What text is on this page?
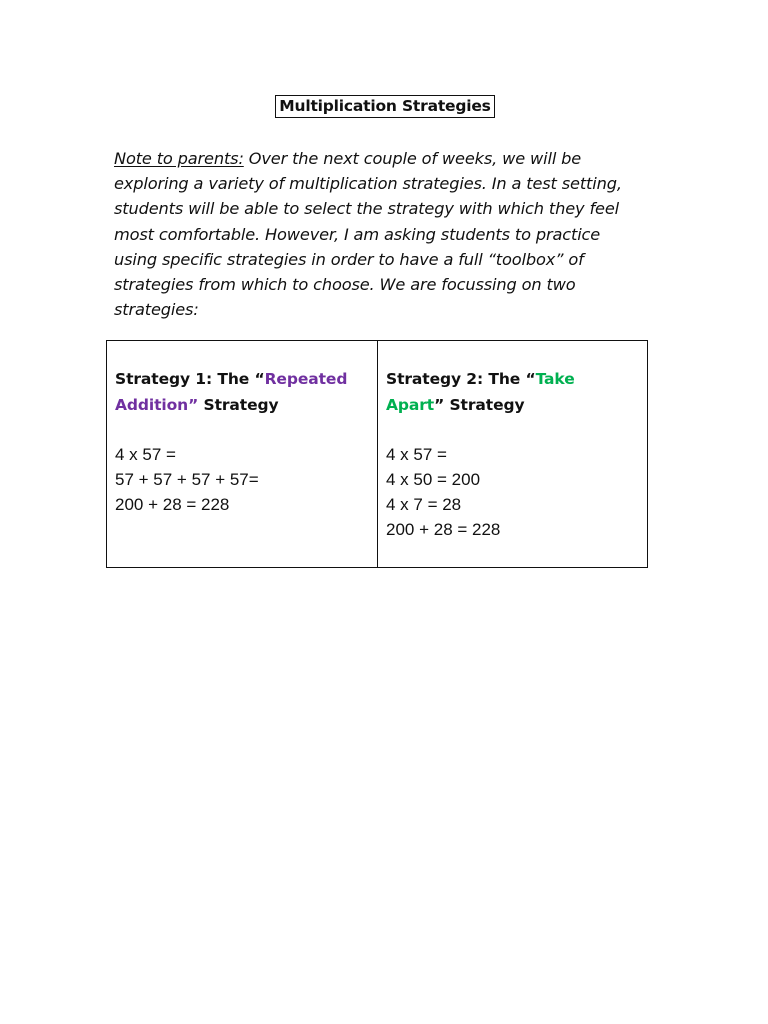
Multiplication Strategies
Note to parents: Over the next couple of weeks, we will be
exploring a variety of multiplication strategies. In a test setting,
students will be able to select the strategy with which they feel
most comfortable. However, I am asking students to practice
using specific strategies in order to have a full “toolbox” of
strategies from which to choose. We are focussing on two
strategies:
Strategy 1: The “Repeated
Addition” Strategy
4 x 57 =
57 + 57 + 57 + 57=
200 + 28 = 228
Strategy 2: The “Take
Apart” Strategy
4 x 57 =
4 x 50 = 200
4 x 7 = 28
200 + 28 = 228
